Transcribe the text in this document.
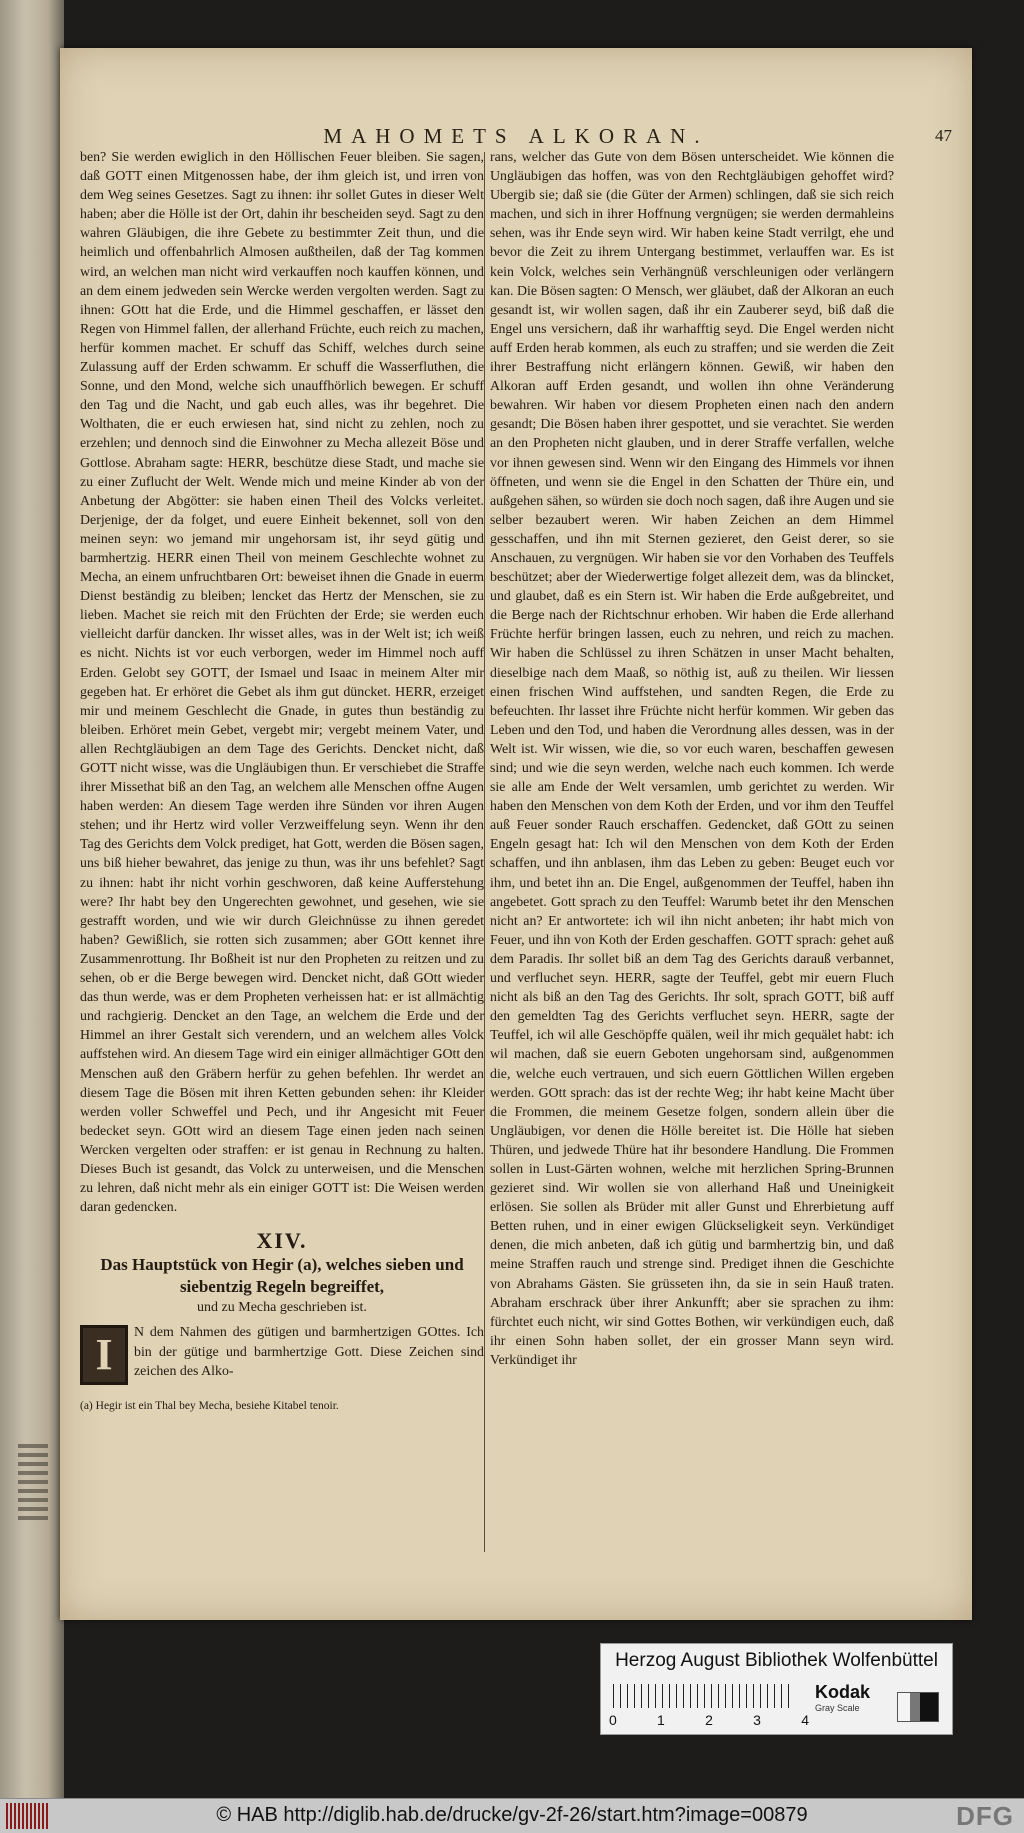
MAHOMETS ALKORAN.	47

ben? Sie werden ewiglich in den Höllischen Feuer bleiben. Sie sagen, daß GOTT einen Mitgenossen habe, der ihm gleich ist, und irren von dem Weg seines Gesetzes. Sagt zu ihnen: ihr sollet Gutes in dieser Welt haben; aber die Hölle ist der Ort, dahin ihr bescheiden seyd. Sagt zu den wahren Gläubigen, die ihre Gebete zu bestimmter Zeit thun, und die heimlich und offenbahrlich Almosen außtheilen, daß der Tag kommen wird, an welchen man nicht wird verkauffen noch kauffen können, und an dem einem jedweden sein Wercke werden vergolten werden. Sagt zu ihnen: GOtt hat die Erde, und die Himmel geschaffen, er lässet den Regen von Himmel fallen, der allerhand Früchte, euch reich zu machen, herfür kommen machet. Er schuff das Schiff, welches durch seine Zulassung auff der Erden schwamm. Er schuff die Wasserfluthen, die Sonne, und den Mond, welche sich unauffhörlich bewegen. Er schuff den Tag und die Nacht, und gab euch alles, was ihr begehret. Die Wolthaten, die er euch erwiesen hat, sind nicht zu zehlen, noch zu erzehlen; und dennoch sind die Einwohner zu Mecha allezeit Böse und Gottlose. Abraham sagte: HERR, beschütze diese Stadt, und mache sie zu einer Zuflucht der Welt. Wende mich und meine Kinder ab von der Anbetung der Abgötter: sie haben einen Theil des Volcks verleitet. Derjenige, der da folget, und euere Einheit bekennet, soll von den meinen seyn: wo jemand mir ungehorsam ist, ihr seyd gütig und barmhertzig. HERR einen Theil von meinem Geschlechte wohnet zu Mecha, an einem unfruchtbaren Ort: beweiset ihnen die Gnade in euerm Dienst beständig zu bleiben; lencket das Hertz der Menschen, sie zu lieben. Machet sie reich mit den Früchten der Erde; sie werden euch vielleicht darfür dancken. Ihr wisset alles, was in der Welt ist; ich weiß es nicht. Nichts ist vor euch verborgen, weder im Himmel noch auff Erden. Gelobt sey GOTT, der Ismael und Isaac in meinem Alter mir gegeben hat. Er erhöret die Gebet als ihm gut düncket. HERR, erzeiget mir und meinem Geschlecht die Gnade, in gutes thun beständig zu bleiben. Erhöret mein Gebet, vergebt mir; vergebt meinem Vater, und allen Rechtgläubigen an dem Tage des Gerichts. Dencket nicht, daß GOTT nicht wisse, was die Ungläubigen thun. Er verschiebet die Straffe ihrer Missethat biß an den Tag, an welchem alle Menschen offne Augen haben werden: An diesem Tage werden ihre Sünden vor ihren Augen stehen; und ihr Hertz wird voller Verzweiffelung seyn. Wenn ihr den Tag des Gerichts dem Volck prediget, hat Gott, werden die Bösen sagen, uns biß hieher bewahret, das jenige zu thun, was ihr uns befehlet? Sagt zu ihnen: habt ihr nicht vorhin geschworen, daß keine Aufferstehung were? Ihr habt bey den Ungerechten gewohnet, und gesehen, wie sie gestrafft worden, und wie wir durch Gleichnüsse zu ihnen geredet haben? Gewißlich, sie rotten sich zusammen; aber GOtt kennet ihre Zusammenrottung. Ihr Boßheit ist nur den Propheten zu reitzen und zu sehen, ob er die Berge bewegen wird. Dencket nicht, daß GOtt wieder das thun werde, was er dem Propheten verheissen hat: er ist allmächtig und rachgierig. Dencket an den Tage, an welchem die Erde und der Himmel an ihrer Gestalt sich verendern, und an welchem alles Volck auffstehen wird. An diesem Tage wird ein einiger allmächtiger GOtt den Menschen auß den Gräbern herfür zu gehen befehlen. Ihr werdet an diesem Tage die Bösen mit ihren Ketten gebunden sehen: ihr Kleider werden voller Schweffel und Pech, und ihr Angesicht mit Feuer bedecket seyn. GOtt wird an diesem Tage einen jeden nach seinen Wercken vergelten oder straffen: er ist genau in Rechnung zu halten. Dieses Buch ist gesandt, das Volck zu unterweisen, und die Menschen zu lehren, daß nicht mehr als ein einiger GOTT ist: Die Weisen werden daran gedencken.

XIV.
Das Hauptstück von Hegir (a), welches sieben und siebentzig Regeln begreiffet,
und zu Mecha geschrieben ist.
I	N dem Nahmen des gütigen und barmhertzigen GOttes. Ich bin der gütige und barmhertzige Gott. Diese Zeichen sind zeichen des Alko-

(a) Hegir ist ein Thal bey Mecha, besiehe Kitabel tenoir.

rans, welcher das Gute von dem Bösen unterscheidet. Wie können die Ungläubigen das hoffen, was von den Rechtgläubigen gehoffet wird? Ubergib sie; daß sie (die Güter der Armen) schlingen, daß sie sich reich machen, und sich in ihrer Hoffnung vergnügen; sie werden dermahleins sehen, was ihr Ende seyn wird. Wir haben keine Stadt verrilgt, ehe und bevor die Zeit zu ihrem Untergang bestimmet, verlauffen war. Es ist kein Volck, welches sein Verhängnüß verschleunigen oder verlängern kan. Die Bösen sagten: O Mensch, wer gläubet, daß der Alkoran an euch gesandt ist, wir wollen sagen, daß ihr ein Zauberer seyd, biß daß die Engel uns versichern, daß ihr warhafftig seyd. Die Engel werden nicht auff Erden herab kommen, als euch zu straffen; und sie werden die Zeit ihrer Bestraffung nicht erlängern können. Gewiß, wir haben den Alkoran auff Erden gesandt, und wollen ihn ohne Veränderung bewahren. Wir haben vor diesem Propheten einen nach den andern gesandt; Die Bösen haben ihrer gespottet, und sie verachtet. Sie werden an den Propheten nicht glauben, und in derer Straffe verfallen, welche vor ihnen gewesen sind. Wenn wir den Eingang des Himmels vor ihnen öffneten, und wenn sie die Engel in den Schatten der Thüre ein, und außgehen sähen, so würden sie doch noch sagen, daß ihre Augen und sie selber bezaubert weren. Wir haben Zeichen an dem Himmel gesschaffen, und ihn mit Sternen gezieret, den Geist derer, so sie Anschauen, zu vergnügen. Wir haben sie vor den Vorhaben des Teuffels beschützet; aber der Wiederwertige folget allezeit dem, was da blincket, und glaubet, daß es ein Stern ist. Wir haben die Erde außgebreitet, und die Berge nach der Richtschnur erhoben. Wir haben die Erde allerhand Früchte herfür bringen lassen, euch zu nehren, und reich zu machen. Wir haben die Schlüssel zu ihren Schätzen in unser Macht behalten, dieselbige nach dem Maaß, so nöthig ist, auß zu theilen. Wir liessen einen frischen Wind auffstehen, und sandten Regen, die Erde zu befeuchten. Ihr lasset ihre Früchte nicht herfür kommen. Wir geben das Leben und den Tod, und haben die Verordnung alles dessen, was in der Welt ist. Wir wissen, wie die, so vor euch waren, beschaffen gewesen sind; und wie die seyn werden, welche nach euch kommen. Ich werde sie alle am Ende der Welt versamlen, umb gerichtet zu werden. Wir haben den Menschen von dem Koth der Erden, und vor ihm den Teuffel auß Feuer sonder Rauch erschaffen. Gedencket, daß GOtt zu seinen Engeln gesagt hat: Ich wil den Menschen von dem Koth der Erden schaffen, und ihn anblasen, ihm das Leben zu geben: Beuget euch vor ihm, und betet ihn an. Die Engel, außgenommen der Teuffel, haben ihn angebetet. Gott sprach zu den Teuffel: Warumb betet ihr den Menschen nicht an? Er antwortete: ich wil ihn nicht anbeten; ihr habt mich von Feuer, und ihn von Koth der Erden geschaffen. GOTT sprach: gehet auß dem Paradis. Ihr sollet biß an dem Tag des Gerichts darauß verbannet, und verfluchet seyn. HERR, sagte der Teuffel, gebt mir euern Fluch nicht als biß an den Tag des Gerichts. Ihr solt, sprach GOTT, biß auff den gemeldten Tag des Gerichts verfluchet seyn. HERR, sagte der Teuffel, ich wil alle Geschöpffe quälen, weil ihr mich gequälet habt: ich wil machen, daß sie euern Geboten ungehorsam sind, außgenommen die, welche euch vertrauen, und sich euern Göttlichen Willen ergeben werden. GOtt sprach: das ist der rechte Weg; ihr habt keine Macht über die Frommen, die meinem Gesetze folgen, sondern allein über die Ungläubigen, vor denen die Hölle bereitet ist. Die Hölle hat sieben Thüren, und jedwede Thüre hat ihr besondere Handlung. Die Frommen sollen in Lust-Gärten wohnen, welche mit herzlichen Spring-Brunnen gezieret sind. Wir wollen sie von allerhand Haß und Uneinigkeit erlösen. Sie sollen als Brüder mit aller Gunst und Ehrerbietung auff Betten ruhen, und in einer ewigen Glückseligkeit seyn. Verkündiget denen, die mich anbeten, daß ich gütig und barmhertzig bin, und daß meine Straffen rauch und strenge sind. Prediget ihnen die Geschichte von Abrahams Gästen. Sie grüsseten ihn, da sie in sein Hauß traten. Abraham erschrack über ihrer Ankunfft; aber sie sprachen zu ihm: fürchtet euch nicht, wir sind Gottes Bothen, wir verkündigen euch, daß ihr einen Sohn haben sollet, der ein grosser Mann seyn wird. Verkündiget ihr

Herzog August Bibliothek Wolfenbüttel
0	1	2	3	4
Kodak
Gray Scale
© HAB http://diglib.hab.de/drucke/gv-2f-26/start.htm?image=00879	DFG
